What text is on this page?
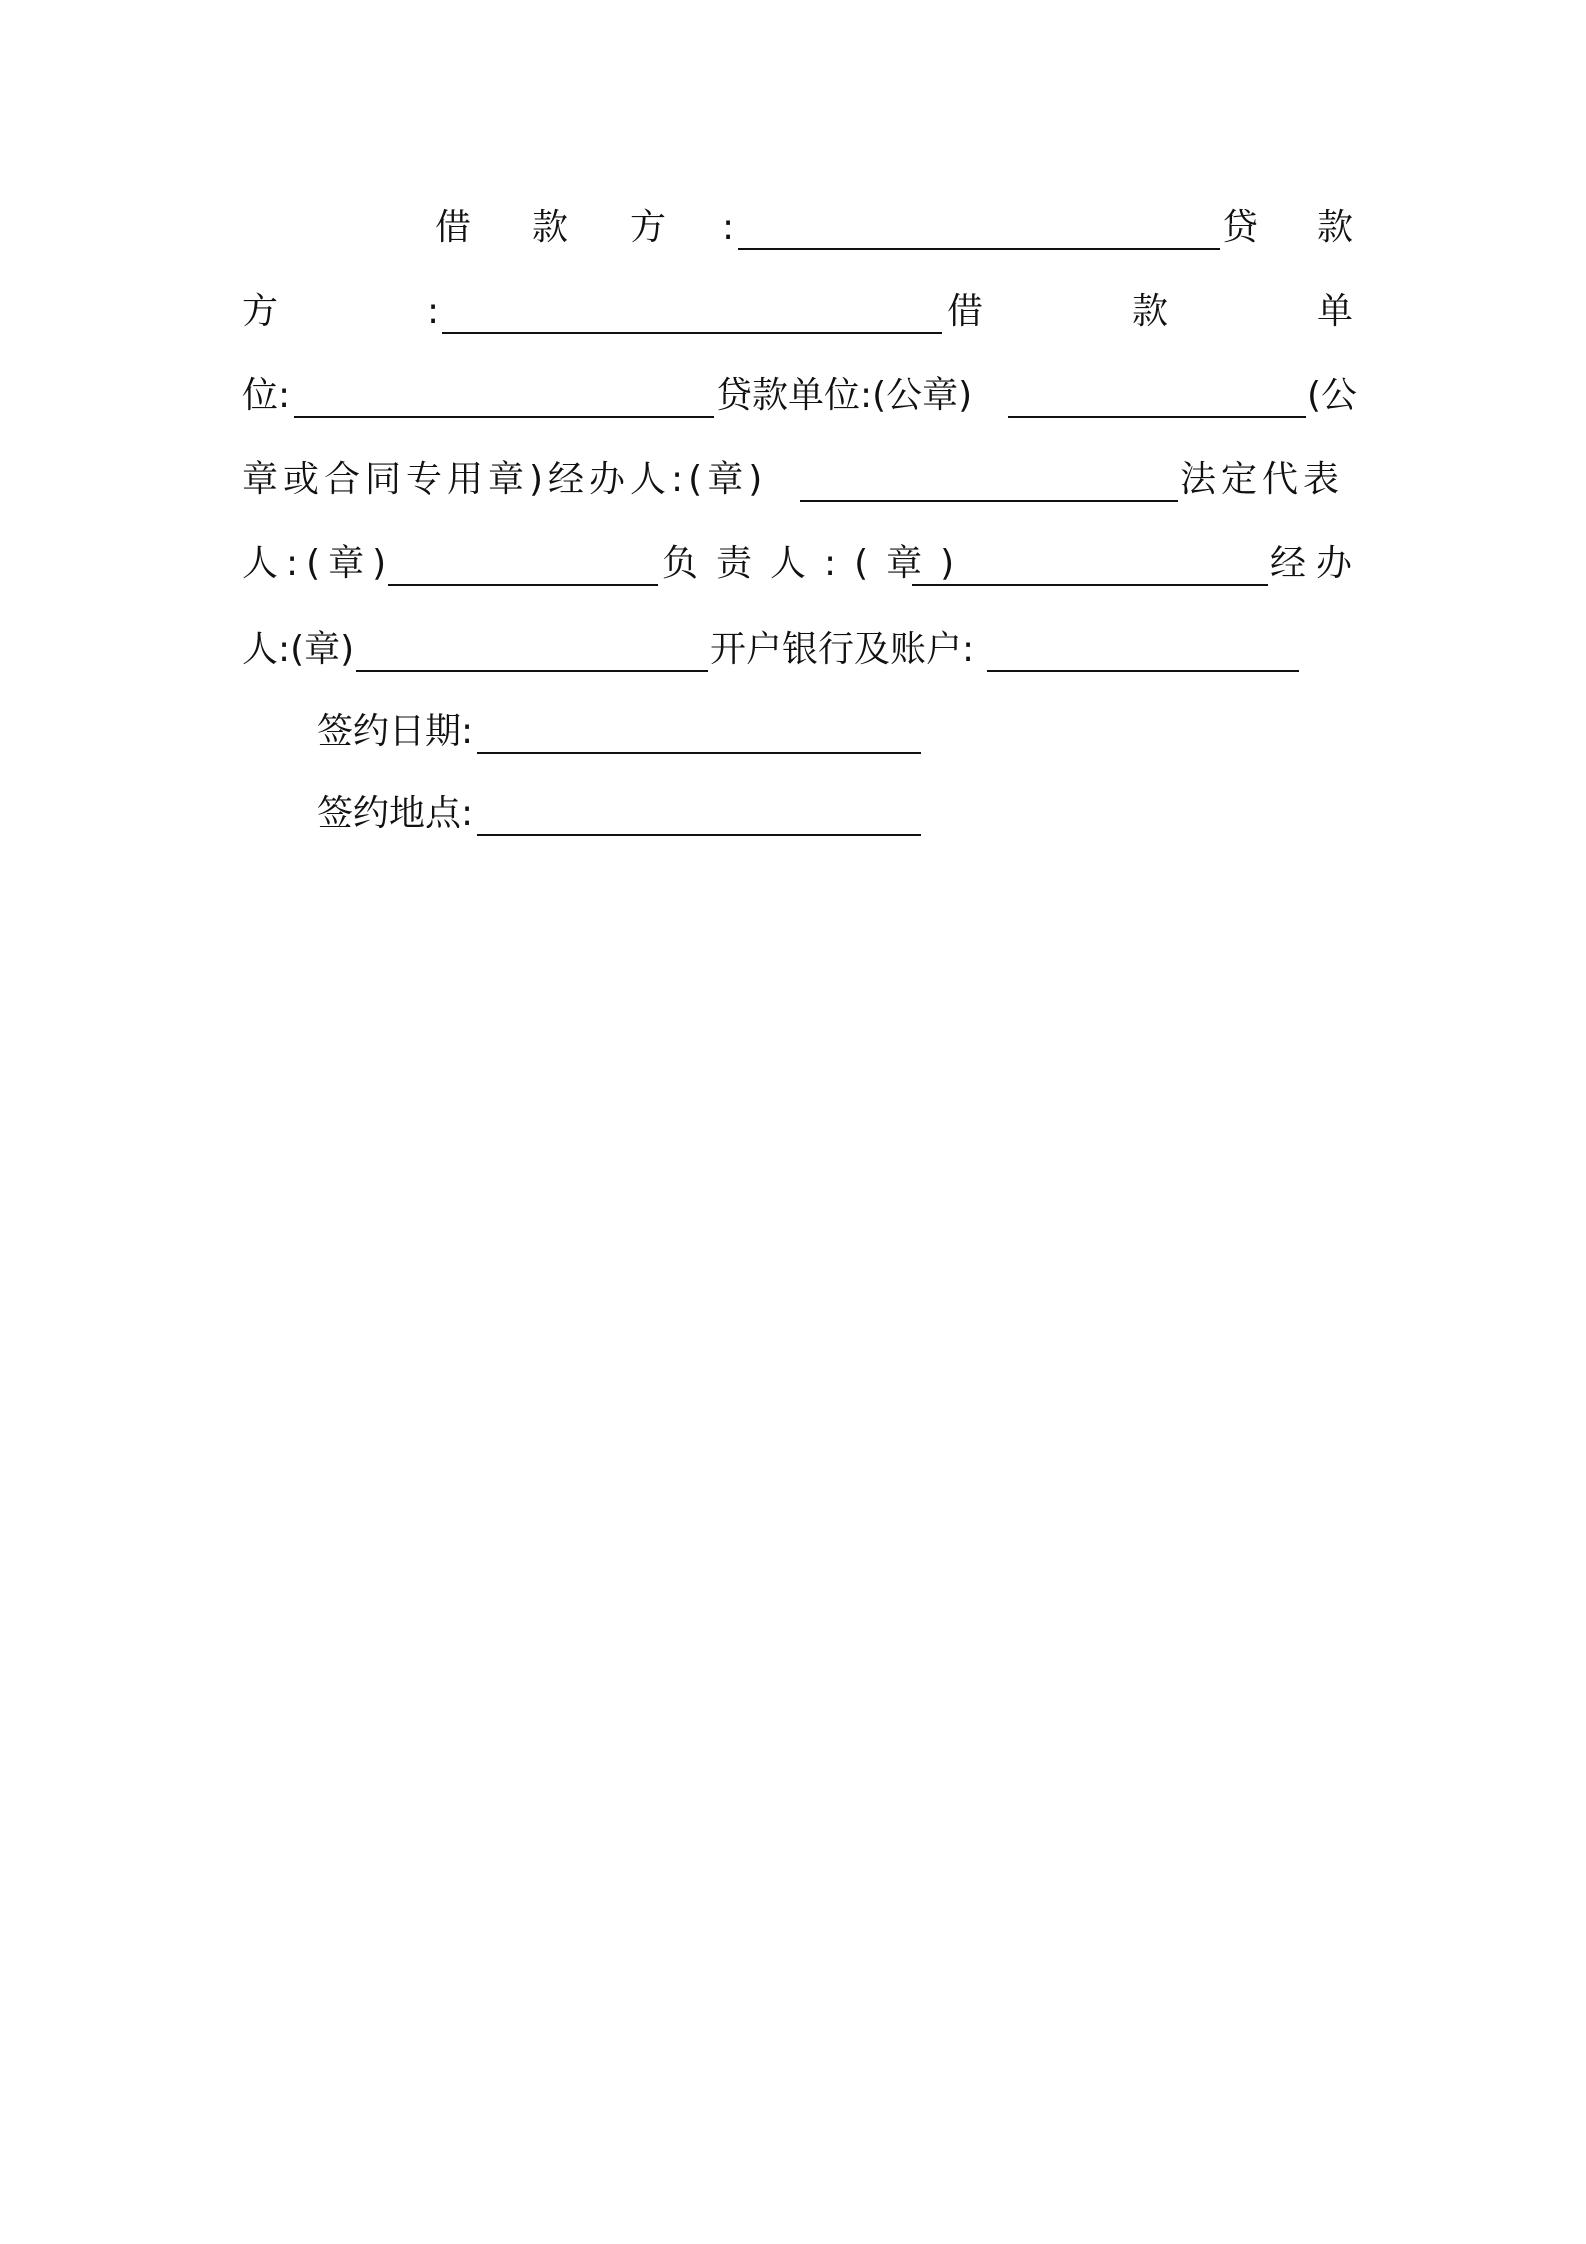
借 款 方 :	贷 款
方	:	借	款	单
位:	贷款单位:(公章)	(公
章或合同专用章)经办人:(章)	法定代表
人:(章)	负责人:(章)	经办
人:(章)	开户银行及账户:
签约日期:
签约地点:
